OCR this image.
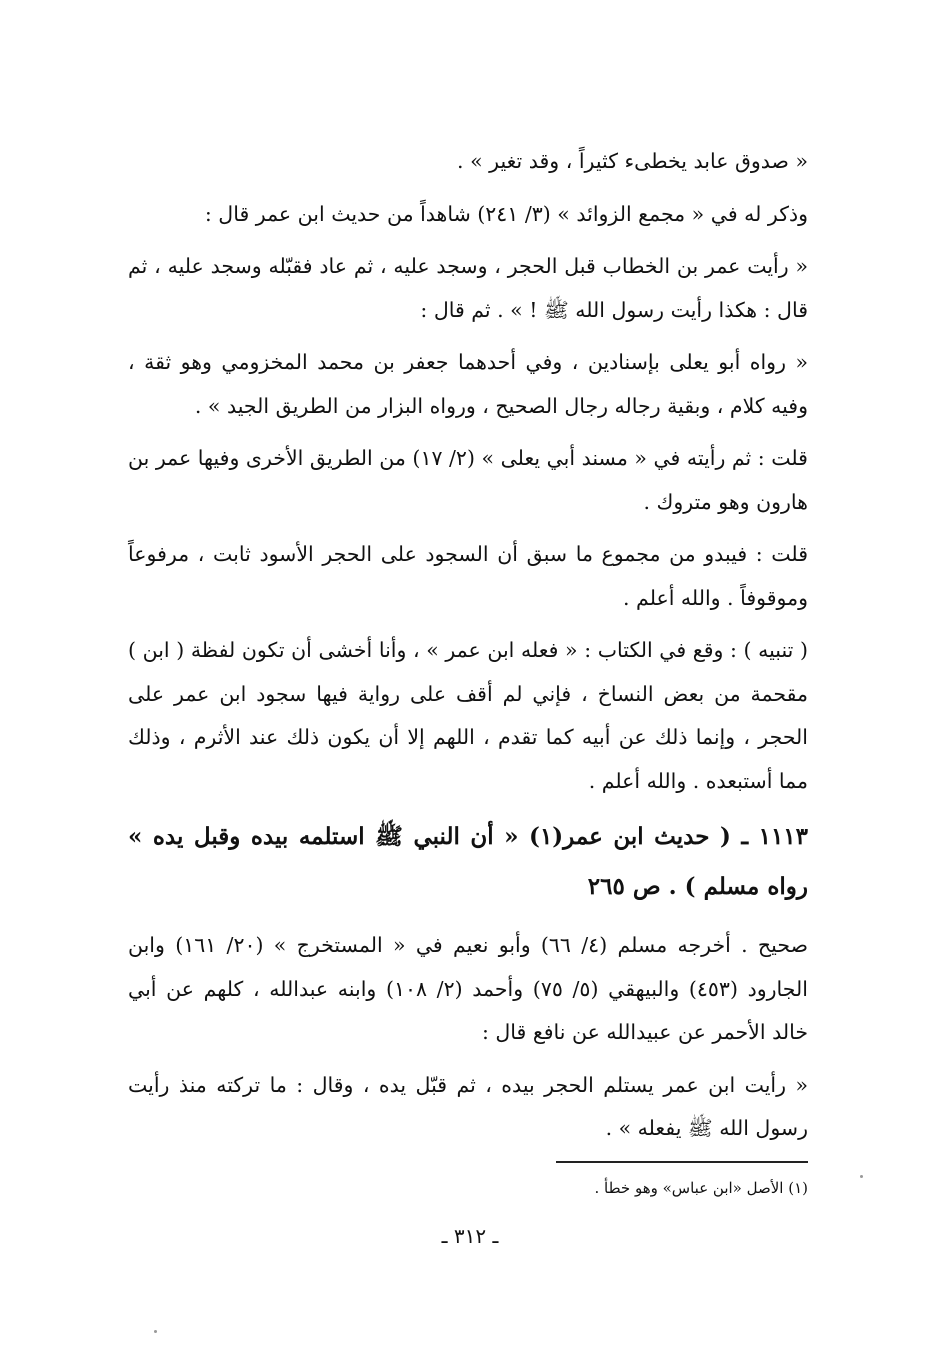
« صدوق عابد يخطىء كثيراً ، وقد تغير » .

وذكر له في « مجمع الزوائد » (٣/ ٢٤١) شاهداً من حديث ابن عمر قال :

« رأيت عمر بن الخطاب قبل الحجر ، وسجد عليه ، ثم عاد فقبّله وسجد عليه ، ثم قال : هكذا رأيت رسول الله ﷺ ! » . ثم قال :

« رواه أبو يعلى بإسنادين ، وفي أحدهما جعفر بن محمد المخزومي وهو ثقة ، وفيه كلام ، وبقية رجاله رجال الصحيح ، ورواه البزار من الطريق الجيد » .

قلت : ثم رأيته في « مسند أبي يعلى » (٢/ ١٧) من الطريق الأخرى وفيها عمر بن هارون وهو متروك .

قلت : فيبدو من مجموع ما سبق أن السجود على الحجر الأسود ثابت ، مرفوعاً وموقوفاً . والله أعلم .

( تنبيه ) : وقع في الكتاب : « فعله ابن عمر » ، وأنا أخشى أن تكون لفظة ( ابن ) مقحمة من بعض النساخ ، فإني لم أقف على رواية فيها سجود ابن عمر على الحجر ، وإنما ذلك عن أبيه كما تقدم ، اللهم إلا أن يكون ذلك عند الأثرم ، وذلك مما أستبعده . والله أعلم .

١١١٣ ـ ( حديث ابن عمر(١) « أن النبي ﷺ استلمه بيده وقبل يده » رواه مسلم ) . ص ٢٦٥

صحيح . أخرجه مسلم (٤/ ٦٦) وأبو نعيم في « المستخرج » (٢٠/ ١٦١) وابن الجارود (٤٥٣) والبيهقي (٥/ ٧٥) وأحمد (٢/ ١٠٨) وابنه عبدالله ، كلهم عن أبي خالد الأحمر عن عبيدالله عن نافع قال :

« رأيت ابن عمر يستلم الحجر بيده ، ثم قبّل يده ، وقال : ما تركته منذ رأيت رسول الله ﷺ يفعله » .

(١) الأصل «ابن عباس» وهو خطأ .
ـ ٣١٢ ـ
